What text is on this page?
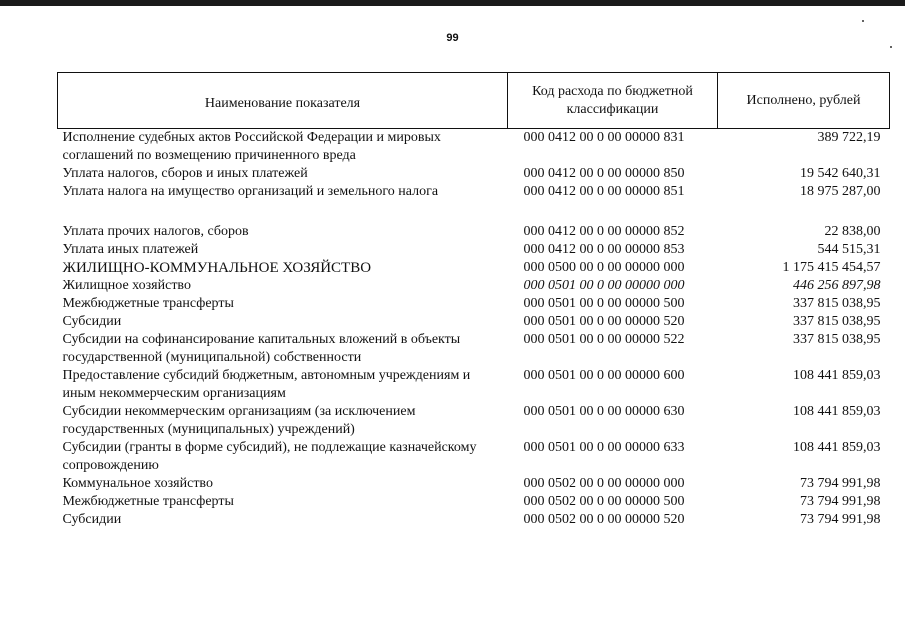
99
Наименование показателя	Код расхода по бюджетной классификации	Исполнено, рублей
Исполнение судебных актов Российской Федерации и мировых соглашений по возмещению причиненного вреда	000 0412 00 0 00 00000 831	389 722,19
Уплата налогов, сборов и иных платежей	000 0412 00 0 00 00000 850	19 542 640,31
Уплата налога на имущество организаций и земельного налога	000 0412 00 0 00 00000 851	18 975 287,00

Уплата прочих налогов, сборов	000 0412 00 0 00 00000 852	22 838,00
Уплата иных платежей	000 0412 00 0 00 00000 853	544 515,31
ЖИЛИЩНО-КОММУНАЛЬНОЕ ХОЗЯЙСТВО	000 0500 00 0 00 00000 000	1 175 415 454,57
Жилищное хозяйство	000 0501 00 0 00 00000 000	446 256 897,98
Межбюджетные трансферты	000 0501 00 0 00 00000 500	337 815 038,95
Субсидии	000 0501 00 0 00 00000 520	337 815 038,95
Субсидии на софинансирование капитальных вложений в объекты государственной (муниципальной) собственности	000 0501 00 0 00 00000 522	337 815 038,95
Предоставление субсидий бюджетным, автономным учреждениям и иным некоммерческим организациям	000 0501 00 0 00 00000 600	108 441 859,03
Субсидии некоммерческим организациям (за исключением государственных (муниципальных) учреждений)	000 0501 00 0 00 00000 630	108 441 859,03
Субсидии (гранты в форме субсидий), не подлежащие казначейскому сопровождению	000 0501 00 0 00 00000 633	108 441 859,03
Коммунальное хозяйство	000 0502 00 0 00 00000 000	73 794 991,98
Межбюджетные трансферты	000 0502 00 0 00 00000 500	73 794 991,98
Субсидии	000 0502 00 0 00 00000 520	73 794 991,98
